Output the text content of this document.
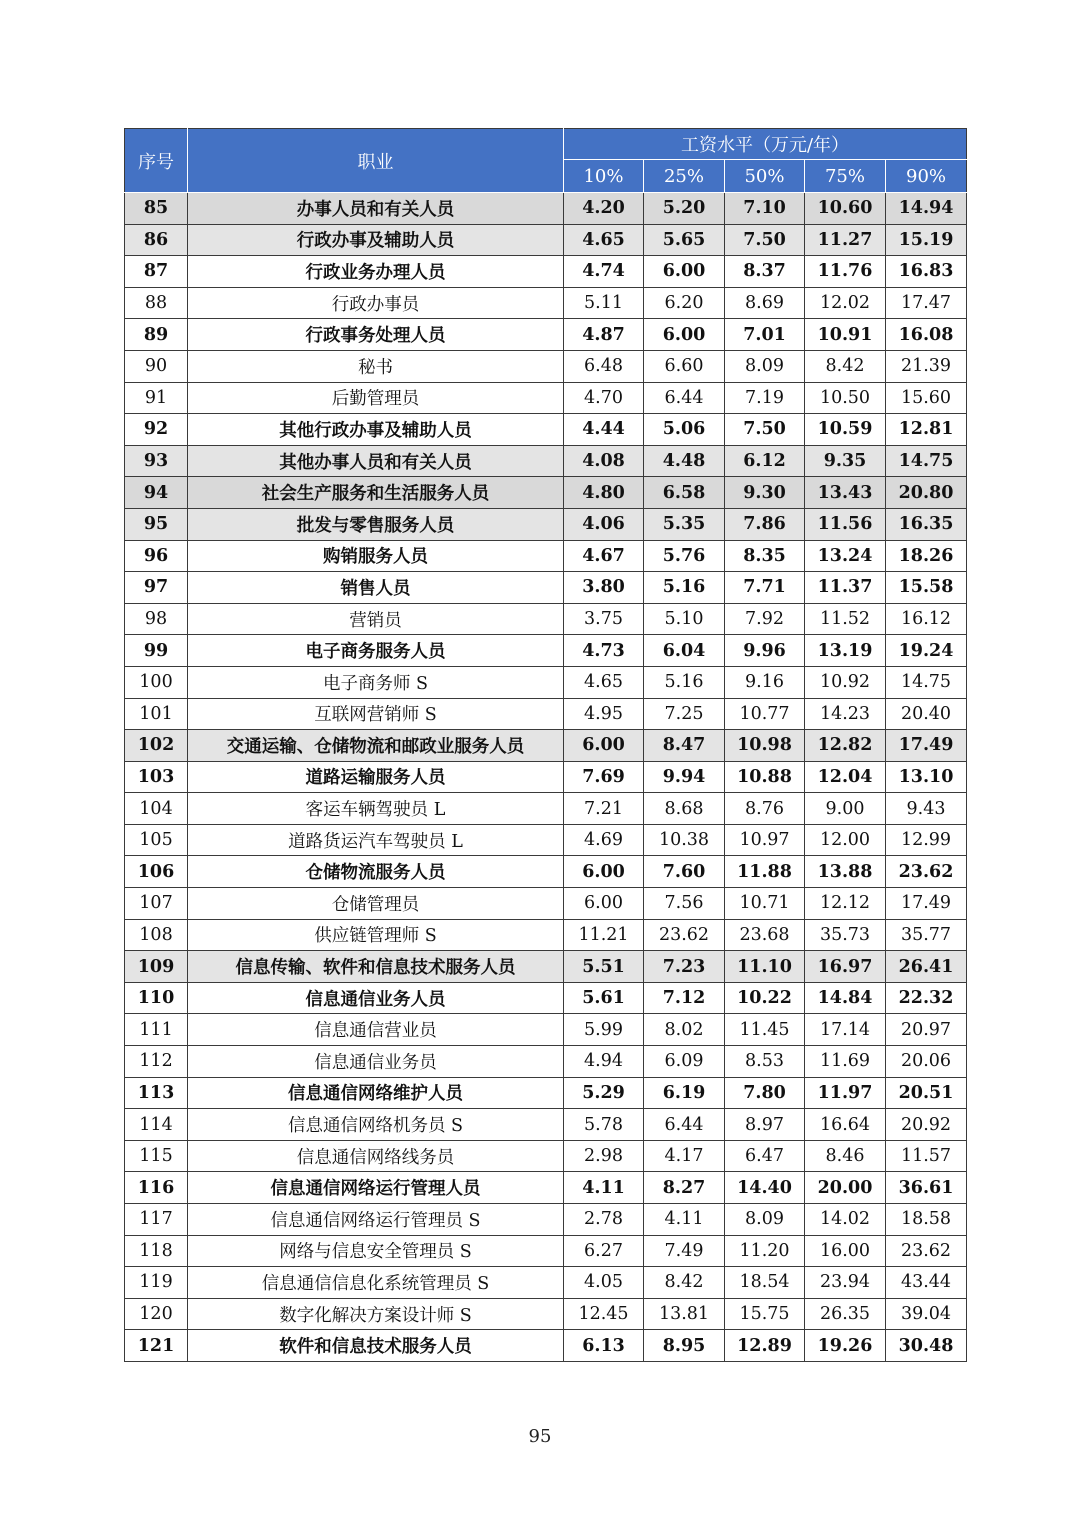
序号	职业	工资水平（万元/年）				
		10%	25%	50%	75%	90%
85	办事人员和有关人员	4.20	5.20	7.10	10.60	14.94
86	行政办事及辅助人员	4.65	5.65	7.50	11.27	15.19
87	行政业务办理人员	4.74	6.00	8.37	11.76	16.83
88	行政办事员	5.11	6.20	8.69	12.02	17.47
89	行政事务处理人员	4.87	6.00	7.01	10.91	16.08
90	秘书	6.48	6.60	8.09	8.42	21.39
91	后勤管理员	4.70	6.44	7.19	10.50	15.60
92	其他行政办事及辅助人员	4.44	5.06	7.50	10.59	12.81
93	其他办事人员和有关人员	4.08	4.48	6.12	9.35	14.75
94	社会生产服务和生活服务人员	4.80	6.58	9.30	13.43	20.80
95	批发与零售服务人员	4.06	5.35	7.86	11.56	16.35
96	购销服务人员	4.67	5.76	8.35	13.24	18.26
97	销售人员	3.80	5.16	7.71	11.37	15.58
98	营销员	3.75	5.10	7.92	11.52	16.12
99	电子商务服务人员	4.73	6.04	9.96	13.19	19.24
100	电子商务师 S	4.65	5.16	9.16	10.92	14.75
101	互联网营销师 S	4.95	7.25	10.77	14.23	20.40
102	交通运输、仓储物流和邮政业服务人员	6.00	8.47	10.98	12.82	17.49
103	道路运输服务人员	7.69	9.94	10.88	12.04	13.10
104	客运车辆驾驶员 L	7.21	8.68	8.76	9.00	9.43
105	道路货运汽车驾驶员 L	4.69	10.38	10.97	12.00	12.99
106	仓储物流服务人员	6.00	7.60	11.88	13.88	23.62
107	仓储管理员	6.00	7.56	10.71	12.12	17.49
108	供应链管理师 S	11.21	23.62	23.68	35.73	35.77
109	信息传输、软件和信息技术服务人员	5.51	7.23	11.10	16.97	26.41
110	信息通信业务人员	5.61	7.12	10.22	14.84	22.32
111	信息通信营业员	5.99	8.02	11.45	17.14	20.97
112	信息通信业务员	4.94	6.09	8.53	11.69	20.06
113	信息通信网络维护人员	5.29	6.19	7.80	11.97	20.51
114	信息通信网络机务员 S	5.78	6.44	8.97	16.64	20.92
115	信息通信网络线务员	2.98	4.17	6.47	8.46	11.57
116	信息通信网络运行管理人员	4.11	8.27	14.40	20.00	36.61
117	信息通信网络运行管理员 S	2.78	4.11	8.09	14.02	18.58
118	网络与信息安全管理员 S	6.27	7.49	11.20	16.00	23.62
119	信息通信信息化系统管理员 S	4.05	8.42	18.54	23.94	43.44
120	数字化解决方案设计师 S	12.45	13.81	15.75	26.35	39.04
121	软件和信息技术服务人员	6.13	8.95	12.89	19.26	30.48
95
